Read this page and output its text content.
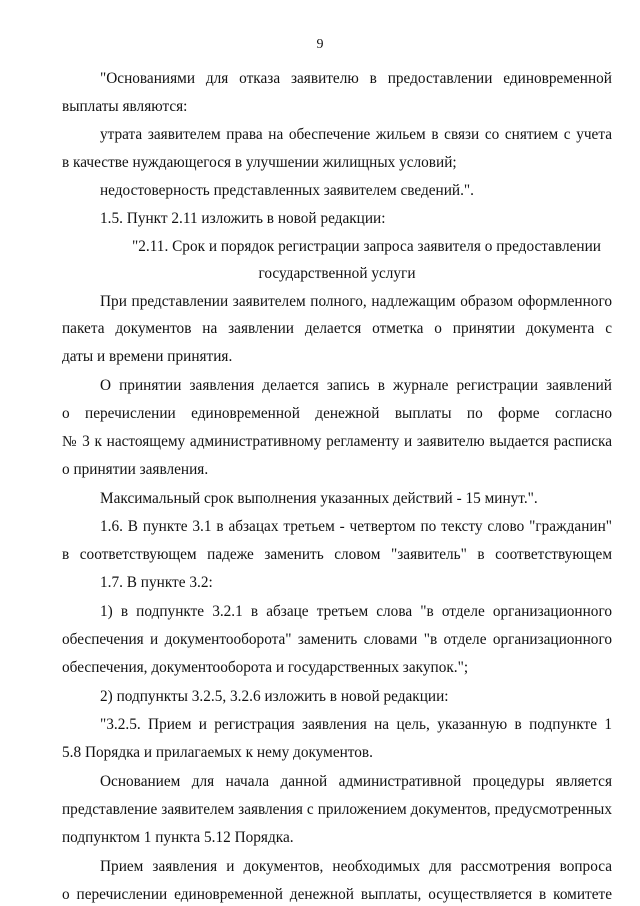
9
"Основаниями для отказа заявителю в предоставлении единовременной
выплаты являются:
утрата заявителем права на обеспечение жильем в связи со снятием с учета
в качестве нуждающегося в улучшении жилищных условий;
недостоверность представленных заявителем сведений.".
1.5. Пункт 2.11 изложить в новой редакции:
"2.11. Срок и порядок регистрации запроса заявителя о предоставлении
государственной услуги
При представлении заявителем полного, надлежащим образом оформленного
пакета документов на заявлении делается отметка о принятии документа с
даты и времени принятия.
О принятии заявления делается запись в журнале регистрации заявлений
о перечислении единовременной денежной выплаты по форме согласно
№ 3 к настоящему административному регламенту и заявителю выдается расписка
о принятии заявления.
Максимальный срок выполнения указанных действий - 15 минут.".
1.6. В пункте 3.1 в абзацах третьем - четвертом по тексту слово "гражданин"
в соответствующем падеже заменить словом "заявитель" в соответствующем
1.7. В пункте 3.2:
1) в подпункте 3.2.1 в абзаце третьем слова "в отделе организационного
обеспечения и документооборота" заменить словами "в отделе организационного
обеспечения, документооборота и государственных закупок.";
2) подпункты 3.2.5, 3.2.6 изложить в новой редакции:
"3.2.5. Прием и регистрация заявления на цель, указанную в подпункте 1
5.8 Порядка и прилагаемых к нему документов.
Основанием для начала данной административной процедуры является
представление заявителем заявления с приложением документов, предусмотренных
подпунктом 1 пункта 5.12 Порядка.
Прием заявления и документов, необходимых для рассмотрения вопроса
о перечислении единовременной денежной выплаты, осуществляется в комитете
